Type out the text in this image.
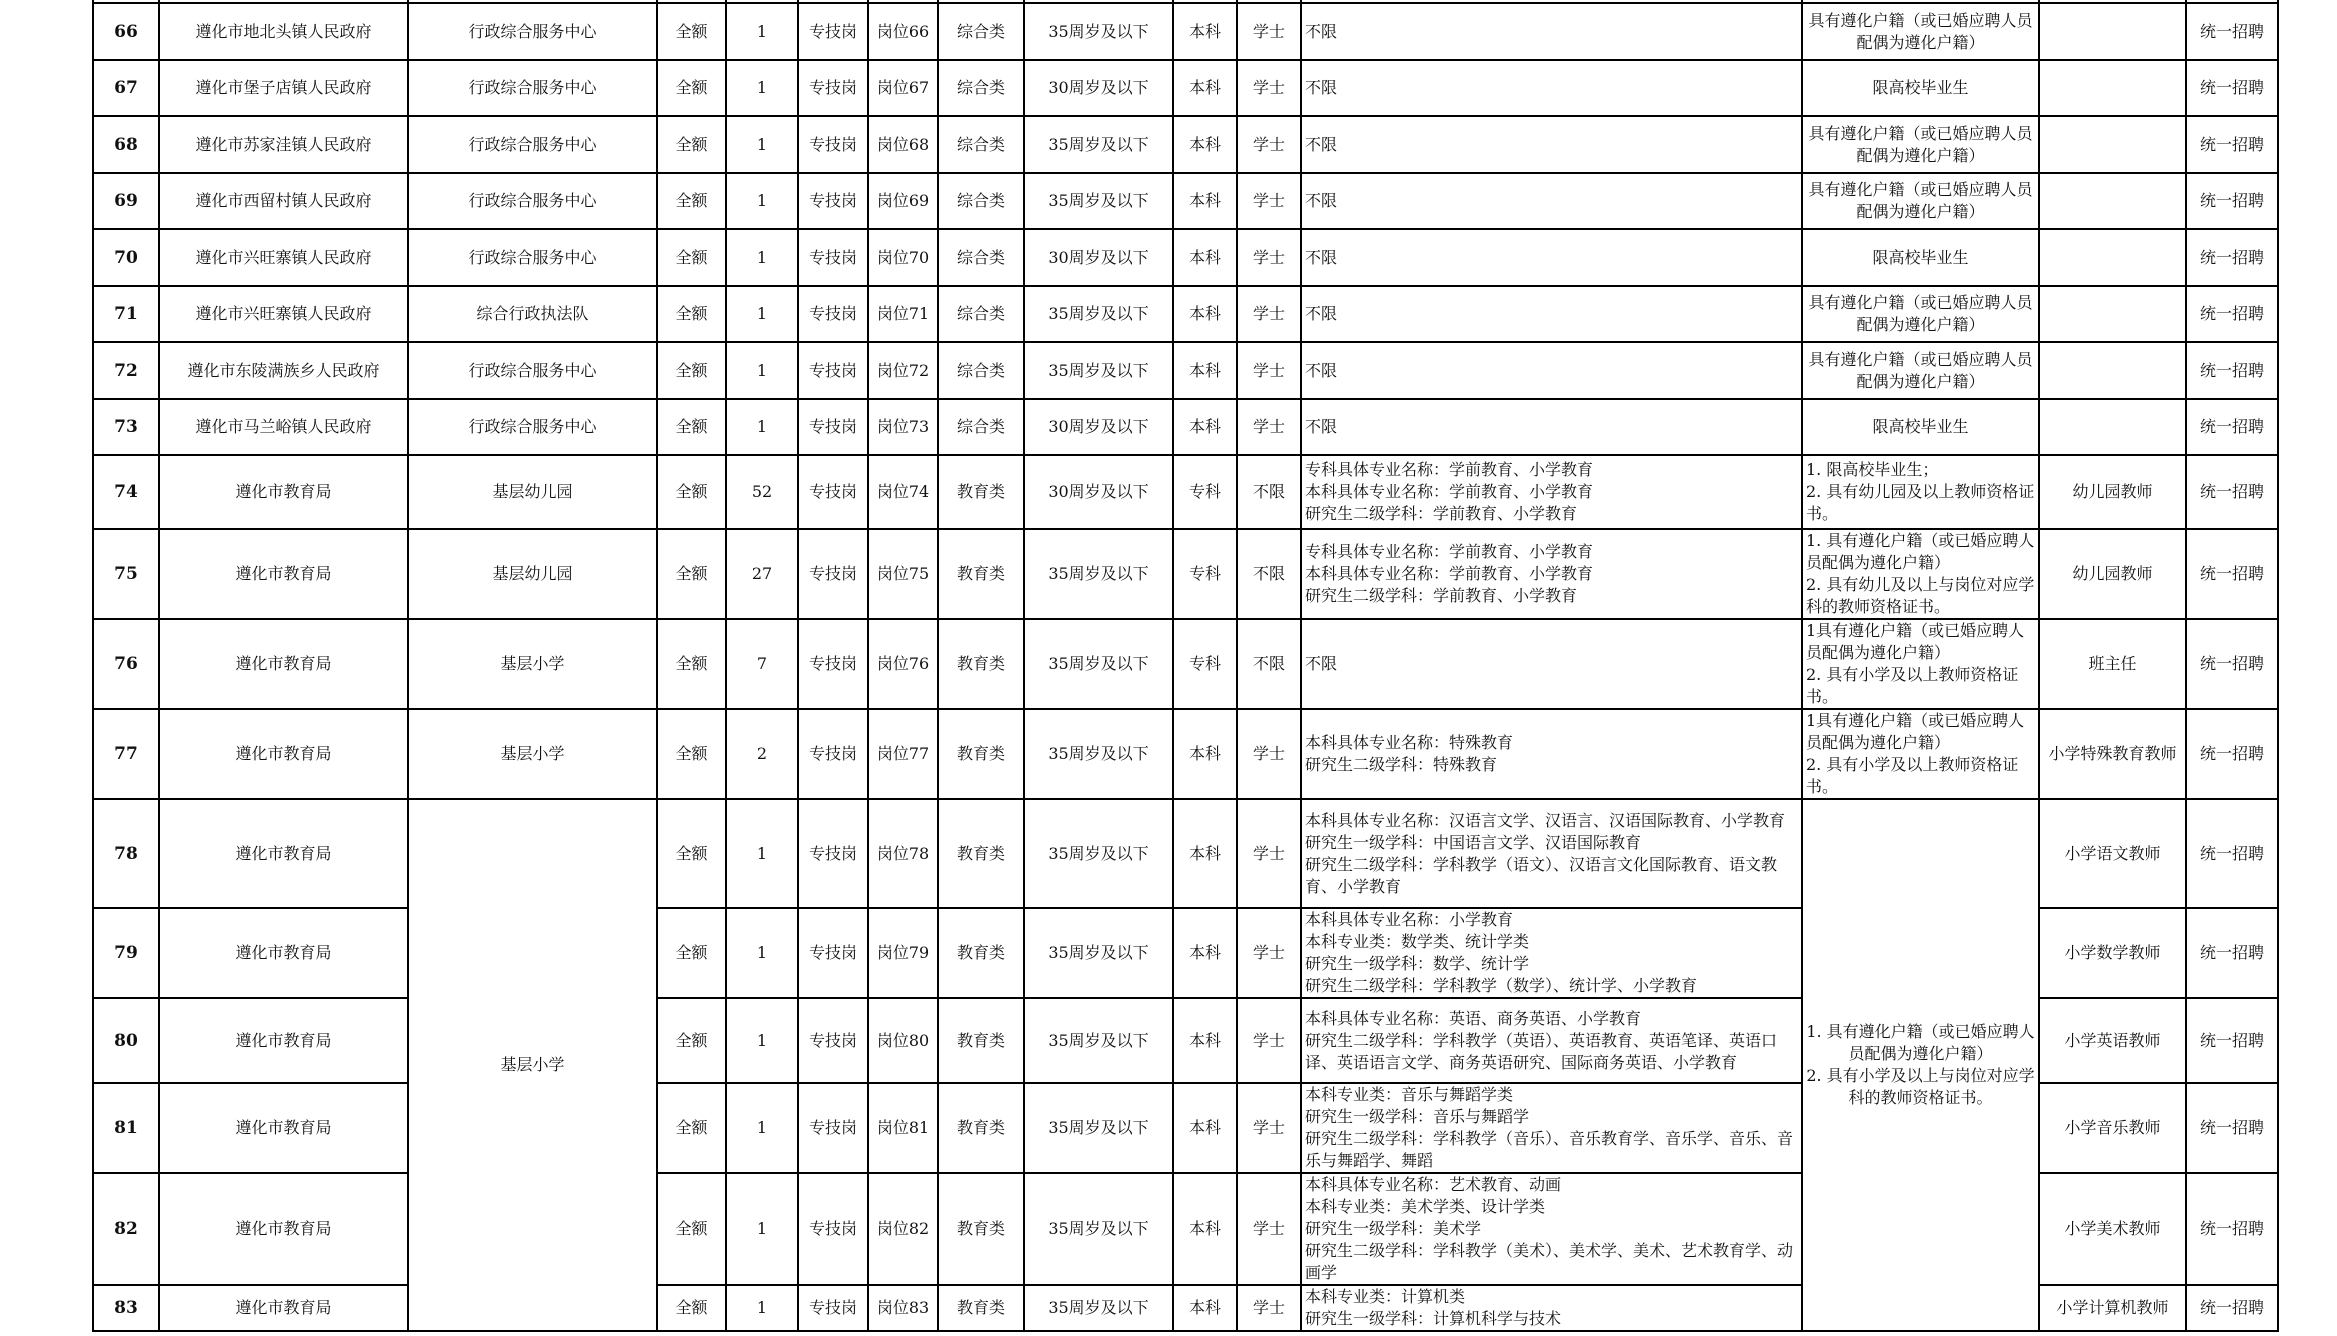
66	遵化市地北头镇人民政府	行政综合服务中心	全额	1	专技岗	岗位66	综合类	35周岁及以下	本科	学士	不限	具有遵化户籍（或已婚应聘人员配偶为遵化户籍）		统一招聘
67	遵化市堡子店镇人民政府	行政综合服务中心	全额	1	专技岗	岗位67	综合类	30周岁及以下	本科	学士	不限	限高校毕业生		统一招聘
68	遵化市苏家洼镇人民政府	行政综合服务中心	全额	1	专技岗	岗位68	综合类	35周岁及以下	本科	学士	不限	具有遵化户籍（或已婚应聘人员配偶为遵化户籍）		统一招聘
69	遵化市西留村镇人民政府	行政综合服务中心	全额	1	专技岗	岗位69	综合类	35周岁及以下	本科	学士	不限	具有遵化户籍（或已婚应聘人员配偶为遵化户籍）		统一招聘
70	遵化市兴旺寨镇人民政府	行政综合服务中心	全额	1	专技岗	岗位70	综合类	30周岁及以下	本科	学士	不限	限高校毕业生		统一招聘
71	遵化市兴旺寨镇人民政府	综合行政执法队	全额	1	专技岗	岗位71	综合类	35周岁及以下	本科	学士	不限	具有遵化户籍（或已婚应聘人员配偶为遵化户籍）		统一招聘
72	遵化市东陵满族乡人民政府	行政综合服务中心	全额	1	专技岗	岗位72	综合类	35周岁及以下	本科	学士	不限	具有遵化户籍（或已婚应聘人员配偶为遵化户籍）		统一招聘
73	遵化市马兰峪镇人民政府	行政综合服务中心	全额	1	专技岗	岗位73	综合类	30周岁及以下	本科	学士	不限	限高校毕业生		统一招聘
74	遵化市教育局	基层幼儿园	全额	52	专技岗	岗位74	教育类	30周岁及以下	专科	不限	专科具体专业名称：学前教育、小学教育
本科具体专业名称：学前教育、小学教育
研究生二级学科：学前教育、小学教育	1. 限高校毕业生；
2. 具有幼儿园及以上教师资格证书。	幼儿园教师	统一招聘
75	遵化市教育局	基层幼儿园	全额	27	专技岗	岗位75	教育类	35周岁及以下	专科	不限	专科具体专业名称：学前教育、小学教育
本科具体专业名称：学前教育、小学教育
研究生二级学科：学前教育、小学教育	1. 具有遵化户籍（或已婚应聘人员配偶为遵化户籍）
2. 具有幼儿及以上与岗位对应学科的教师资格证书。	幼儿园教师	统一招聘
76	遵化市教育局	基层小学	全额	7	专技岗	岗位76	教育类	35周岁及以下	专科	不限	不限	1具有遵化户籍（或已婚应聘人员配偶为遵化户籍）
2. 具有小学及以上教师资格证书。	班主任	统一招聘
77	遵化市教育局	基层小学	全额	2	专技岗	岗位77	教育类	35周岁及以下	本科	学士	本科具体专业名称：特殊教育
研究生二级学科：特殊教育	1具有遵化户籍（或已婚应聘人员配偶为遵化户籍）
2. 具有小学及以上教师资格证书。	小学特殊教育教师	统一招聘
78	遵化市教育局	基层小学	全额	1	专技岗	岗位78	教育类	35周岁及以下	本科	学士	本科具体专业名称：汉语言文学、汉语言、汉语国际教育、小学教育
研究生一级学科：中国语言文学、汉语国际教育
研究生二级学科：学科教学（语文）、汉语言文化国际教育、语文教育、小学教育	1. 具有遵化户籍（或已婚应聘人员配偶为遵化户籍）
2. 具有小学及以上与岗位对应学科的教师资格证书。	小学语文教师	统一招聘
79	遵化市教育局		全额	1	专技岗	岗位79	教育类	35周岁及以下	本科	学士	本科具体专业名称：小学教育
本科专业类：数学类、统计学类
研究生一级学科：数学、统计学
研究生二级学科：学科教学（数学）、统计学、小学教育		小学数学教师	统一招聘
80	遵化市教育局		全额	1	专技岗	岗位80	教育类	35周岁及以下	本科	学士	本科具体专业名称：英语、商务英语、小学教育
研究生二级学科：学科教学（英语）、英语教育、英语笔译、英语口译、英语语言文学、商务英语研究、国际商务英语、小学教育		小学英语教师	统一招聘
81	遵化市教育局		全额	1	专技岗	岗位81	教育类	35周岁及以下	本科	学士	本科专业类：音乐与舞蹈学类
研究生一级学科：音乐与舞蹈学
研究生二级学科：学科教学（音乐）、音乐教育学、音乐学、音乐、音乐与舞蹈学、舞蹈		小学音乐教师	统一招聘
82	遵化市教育局		全额	1	专技岗	岗位82	教育类	35周岁及以下	本科	学士	本科具体专业名称：艺术教育、动画
本科专业类：美术学类、设计学类
研究生一级学科：美术学
研究生二级学科：学科教学（美术）、美术学、美术、艺术教育学、动画学		小学美术教师	统一招聘
83	遵化市教育局		全额	1	专技岗	岗位83	教育类	35周岁及以下	本科	学士	本科专业类：计算机类
研究生一级学科：计算机科学与技术		小学计算机教师	统一招聘
